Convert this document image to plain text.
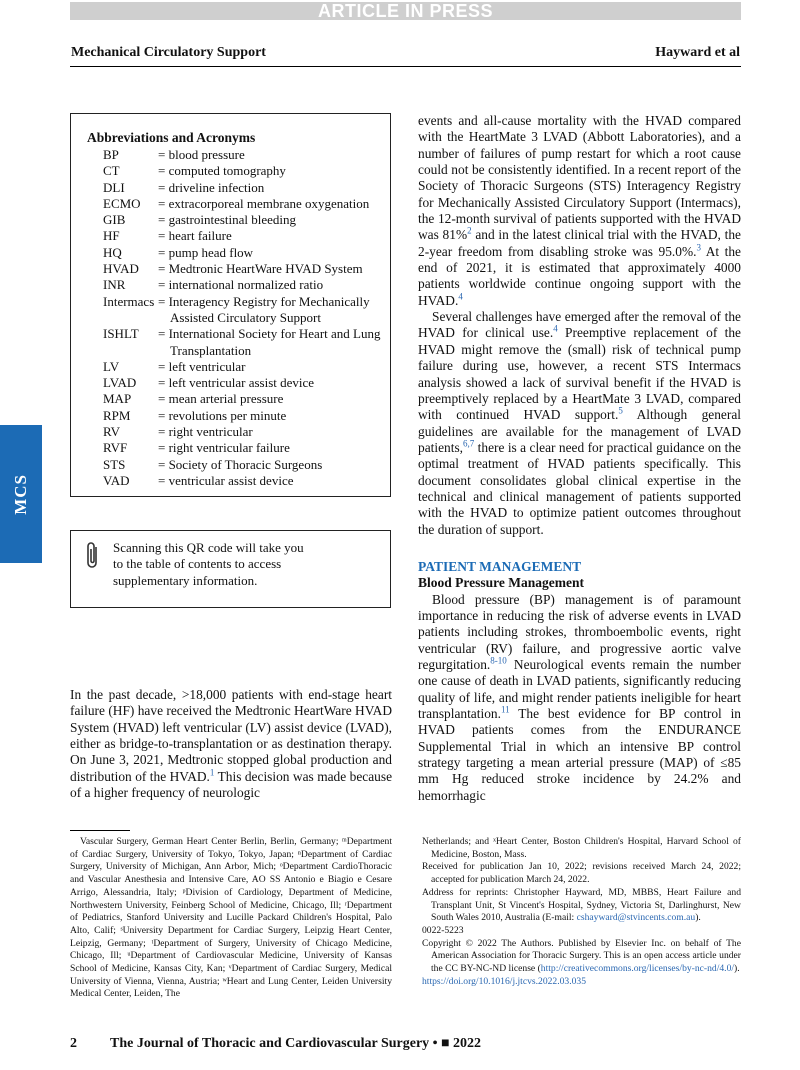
ARTICLE IN PRESS
Mechanical Circulatory Support	Hayward et al
MCS
Abbreviations and Acronyms
BP	= blood pressure
CT	= computed tomography
DLI	= driveline infection
ECMO	= extracorporeal membrane oxygenation
GIB	= gastrointestinal bleeding
HF	= heart failure
HQ	= pump head flow
HVAD	= Medtronic HeartWare HVAD System
INR	= international normalized ratio
Intermacs = Interagency Registry for Mechanically Assisted Circulatory Support
ISHLT	= International Society for Heart and Lung Transplantation
LV	= left ventricular
LVAD	= left ventricular assist device
MAP	= mean arterial pressure
RPM	= revolutions per minute
RV	= right ventricular
RVF	= right ventricular failure
STS	= Society of Thoracic Surgeons
VAD	= ventricular assist device
Scanning this QR code will take you to the table of contents to access supplementary information.

In the past decade, >18,000 patients with end-stage heart failure (HF) have received the Medtronic HeartWare HVAD System (HVAD) left ventricular (LV) assist device (LVAD), either as bridge-to-transplantation or as destination therapy. On June 3, 2021, Medtronic stopped global production and distribution of the HVAD.$^1$ This decision was made because of a higher frequency of neurologic

events and all-cause mortality with the HVAD compared with the HeartMate 3 LVAD (Abbott Laboratories), and a number of failures of pump restart for which a root cause could not be consistently identified. In a recent report of the Society of Thoracic Surgeons (STS) Interagency Registry for Mechanically Assisted Circulatory Support (Intermacs), the 12-month survival of patients supported with the HVAD was 81%$^2$ and in the latest clinical trial with the HVAD, the 2-year freedom from disabling stroke was 95.0%.$^3$ At the end of 2021, it is estimated that approximately 4000 patients worldwide continue ongoing support with the HVAD.$^4$

Several challenges have emerged after the removal of the HVAD for clinical use.$^4$ Preemptive replacement of the HVAD might remove the (small) risk of technical pump failure during use, however, a recent STS Intermacs analysis showed a lack of survival benefit if the HVAD is preemptively replaced by a HeartMate 3 LVAD, compared with continued HVAD support.$^5$ Although general guidelines are available for the management of LVAD patients,$^{6,7}$ there is a clear need for practical guidance on the optimal treatment of HVAD patients specifically. This document consolidates global clinical expertise in the technical and clinical management of patients supported with the HVAD to optimize patient outcomes throughout the duration of support.

PATIENT MANAGEMENT

Blood Pressure Management

Blood pressure (BP) management is of paramount importance in reducing the risk of adverse events in LVAD patients including strokes, thromboembolic events, right ventricular (RV) failure, and progressive aortic valve regurgitation.$^{8-10}$ Neurological events remain the number one cause of death in LVAD patients, significantly reducing quality of life, and might render patients ineligible for heart transplantation.$^{11}$ The best evidence for BP control in HVAD patients comes from the ENDURANCE Supplemental Trial in which an intensive BP control strategy targeting a mean arterial pressure (MAP) of ≤85 mm Hg reduced stroke incidence by 24.2% and hemorrhagic

Vascular Surgery, German Heart Center Berlin, Berlin, Germany; ᵐDepartment of Cardiac Surgery, University of Tokyo, Tokyo, Japan; ⁿDepartment of Cardiac Surgery, University of Michigan, Ann Arbor, Mich; ᵒDepartment CardioThoracic and Vascular Anesthesia and Intensive Care, AO SS Antonio e Biagio e Cesare Arrigo, Alessandria, Italy; ᵖDivision of Cardiology, Department of Medicine, Northwestern University, Feinberg School of Medicine, Chicago, Ill; ʳDepartment of Pediatrics, Stanford University and Lucille Packard Children's Hospital, Palo Alto, Calif; ˢUniversity Department for Cardiac Surgery, Leipzig Heart Center, Leipzig, Germany; ᵗDepartment of Surgery, University of Chicago Medicine, Chicago, Ill; ᵘDepartment of Cardiovascular Medicine, University of Kansas School of Medicine, Kansas City, Kan; ᵛDepartment of Cardiac Surgery, Medical University of Vienna, Vienna, Austria; ʷHeart and Lung Center, Leiden University Medical Center, Leiden, The

Netherlands; and ˣHeart Center, Boston Children's Hospital, Harvard School of Medicine, Boston, Mass.

Received for publication Jan 10, 2022; revisions received March 24, 2022; accepted for publication March 24, 2022.

Address for reprints: Christopher Hayward, MD, MBBS, Heart Failure and Transplant Unit, St Vincent's Hospital, Sydney, Victoria St, Darlinghurst, New South Wales 2010, Australia (E-mail: cshayward@stvincents.com.au).

0022-5223

Copyright © 2022 The Authors. Published by Elsevier Inc. on behalf of The American Association for Thoracic Surgery. This is an open access article under the CC BY-NC-ND license (http://creativecommons.org/licenses/by-nc-nd/4.0/).

https://doi.org/10.1016/j.jtcvs.2022.03.035

2 The Journal of Thoracic and Cardiovascular Surgery • ■ 2022
